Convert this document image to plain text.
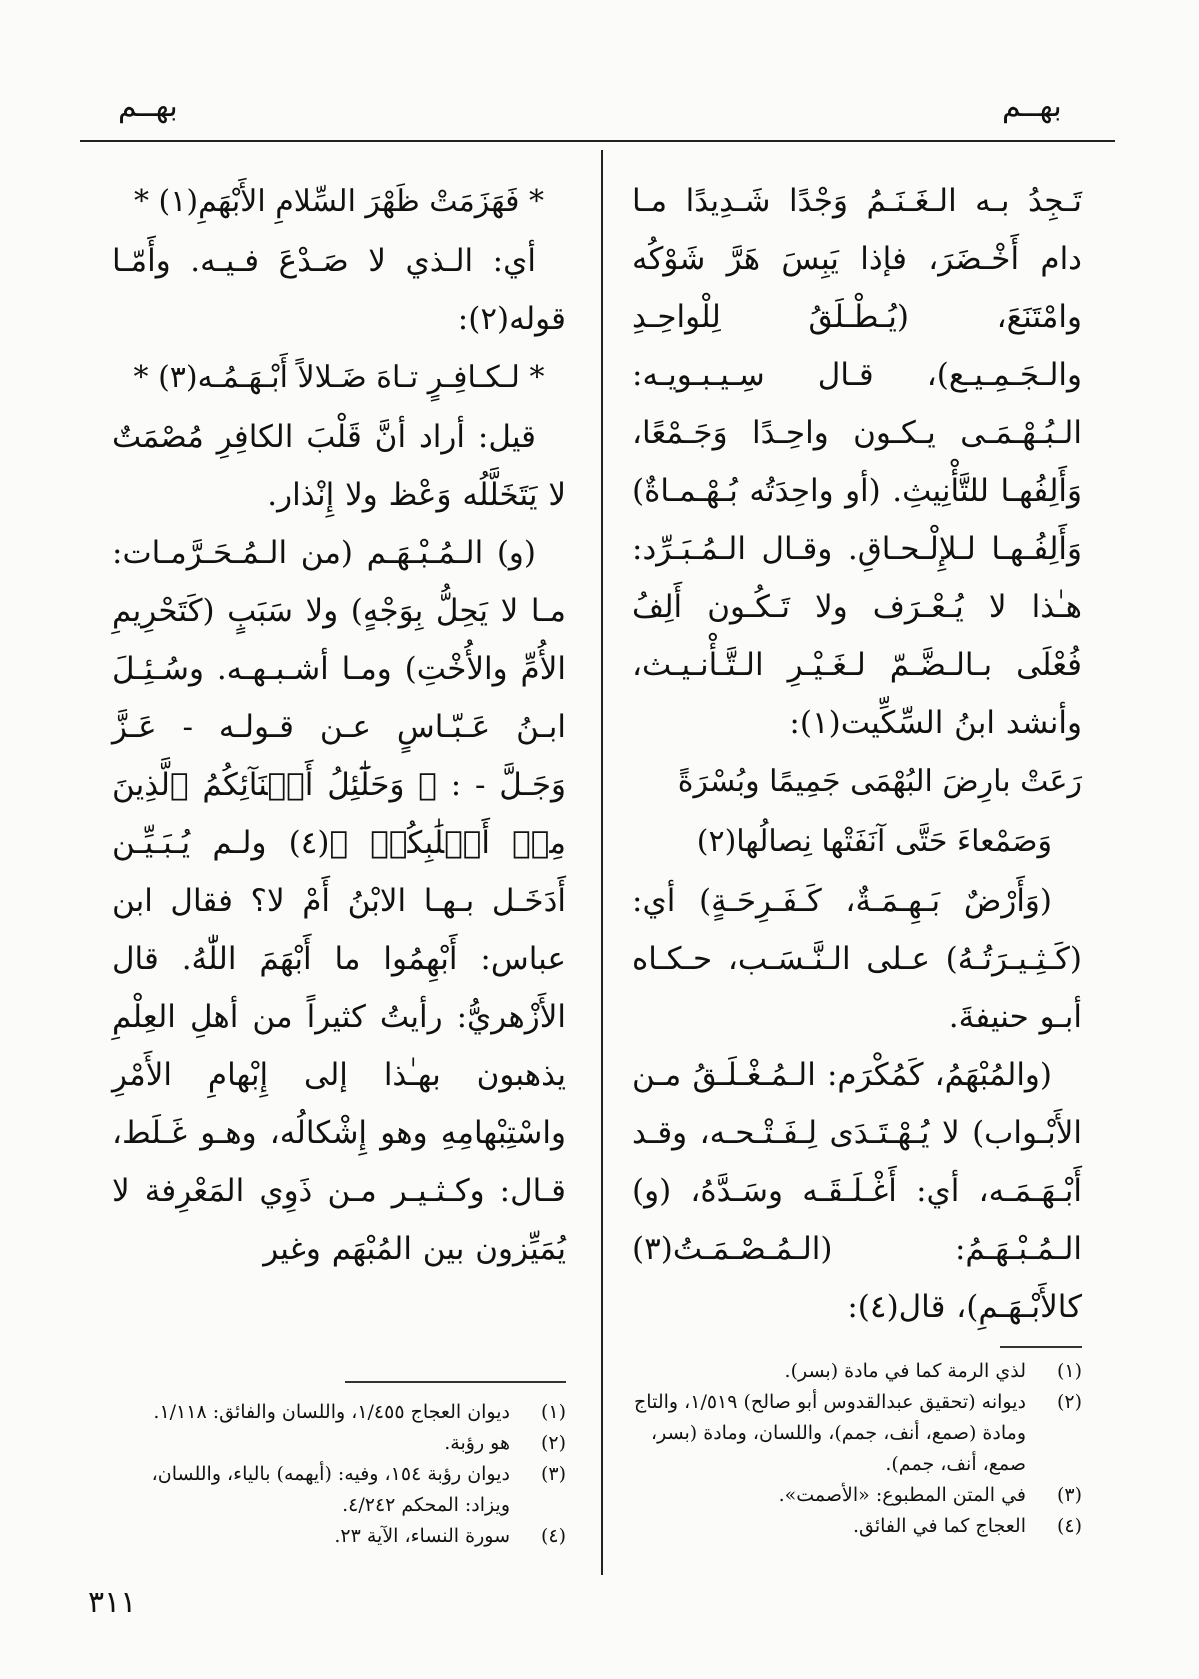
بهــم
بهــم

تَـجِدُ بـه الـغَـنَـمُ وَجْدًا شَـدِيدًا مـا دام أَخْـضَرَ، فإذا يَبِسَ هَرَّ شَوْكُه وامْتَنَعَ، (يُـطْـلَقُ لِلْواحِـدِ والـجَـمِـيـع)، قـال سِـيـبـويـه: الـبُـهْـمَـى يـكـون واحِـدًا وَجَـمْعًا، وَأَلِفُهـا للتَّأْنِيثِ. (أو واحِدَتُه بُـهْـمـاةٌ) وَأَلِفُـهـا لـلإِلْـحـاقِ. وقـال الـمُـبَـرِّد: هـٰذا لا يُـعْـرَف ولا تَـكُـون أَلِفُ فُعْلَى بـالـضَّـمّ لـغَـيْـرِ الـتَّـأْنـيـث، وأنشد ابنُ السِّكِّيت(١):

رَعَتْ بارِضَ البُهْمَى جَمِيمًا وبُسْرَةً

وَصَمْعاءَ حَتَّى آنَفَتْها نِصالُها(٢)

(وَأَرْضٌ بَـهِـمَـةٌ، كَـفَـرِحَـةٍ) أي: (كَـثِـيـرَتُـهُ) عـلى الـنَّـسَـب، حـكـاه أبـو حنيفةَ.

(والمُبْهَمُ، كَمُكْرَم: الـمُـغْـلَـقُ مـن الأَبْـواب) لا يُـهْـتَـدَى لِـفَـتْـحـه، وقـد أَبْـهَـمَـه، أي: أَغْـلَـقَـه وسَـدَّهُ، (و) الـمُـبْـهَـمُ: (الـمُـصْـمَـتُ(٣) كالأَبْـهَـمِ)، قال(٤):

* فَهَزَمَتْ ظَهْرَ السِّلامِ الأَبْهَمِ(١) *

أي: الـذي لا صَـدْعَ فـيـه. وأَمّـا قوله(٢):

* لـكـافِـرٍ تـاهَ ضَـلالاً أَبْـهَـمُـه(٣) *

قيل: أراد أنَّ قَلْبَ الكافِرِ مُصْمَتٌ لا يَتَخَلَّلُه وَعْظ ولا إِنْذار.

(و) الـمُـبْـهَـم (من الـمُـحَـرَّمـات: مـا لا يَحِلُّ بِوَجْهٍ) ولا سَبَبٍ (كَتَحْرِيمِ الأُمِّ والأُخْتِ) ومـا أشـبـهـه. وسُـئِـلَ ابـنُ عَـبّـاسٍ عـن قـولـه - عَـزَّ وَجَـلَّ - : ﴿ وَحَلَٰٓئِلُ أَبۡنَآئِكُمُ ٱلَّذِينَ مِنۡ أَصۡلَٰبِكُمۡ ﴾(٤) ولـم يُـبَـيِّـن أَدَخَـل بـهـا الابْنُ أَمْ لا؟ فقال ابن عباس: أَبْهِمُوا ما أَبْهَمَ اللّٰهُ. قال الأَزْهريُّ: رأيتُ كثيراً من أهلِ العِلْمِ يذهبون بهـٰذا إلى إِبْهامِ الأَمْرِ واسْتِبْهامِهِ وهو إِشْكالُه، وهـو غَـلَط، قـال: وكـثـيـر مـن ذَوِي المَعْرِفة لا يُمَيِّزون بين المُبْهَم وغير

(١)
لذي الرمة كما في مادة (بسر).
(٢)
ديوانه (تحقيق عبدالقدوس أبو صالح) ١/٥١٩، والتاج ومادة (صمع، أنف، جمم)، واللسان، ومادة (بسر، صمع، أنف، جمم).
(٣)
في المتن المطبوع: «الأصمت».
(٤)
العجاج كما في الفائق.
(١)
ديوان العجاج ١/٤٥٥، واللسان والفائق: ١/١١٨.
(٢)
هو رؤبة.
(٣)
ديوان رؤبة ١٥٤، وفيه: (أيهمه) بالياء، واللسان، ويزاد: المحكم ٤/٢٤٢.
(٤)
سورة النساء، الآية ٢٣.
٣١١
